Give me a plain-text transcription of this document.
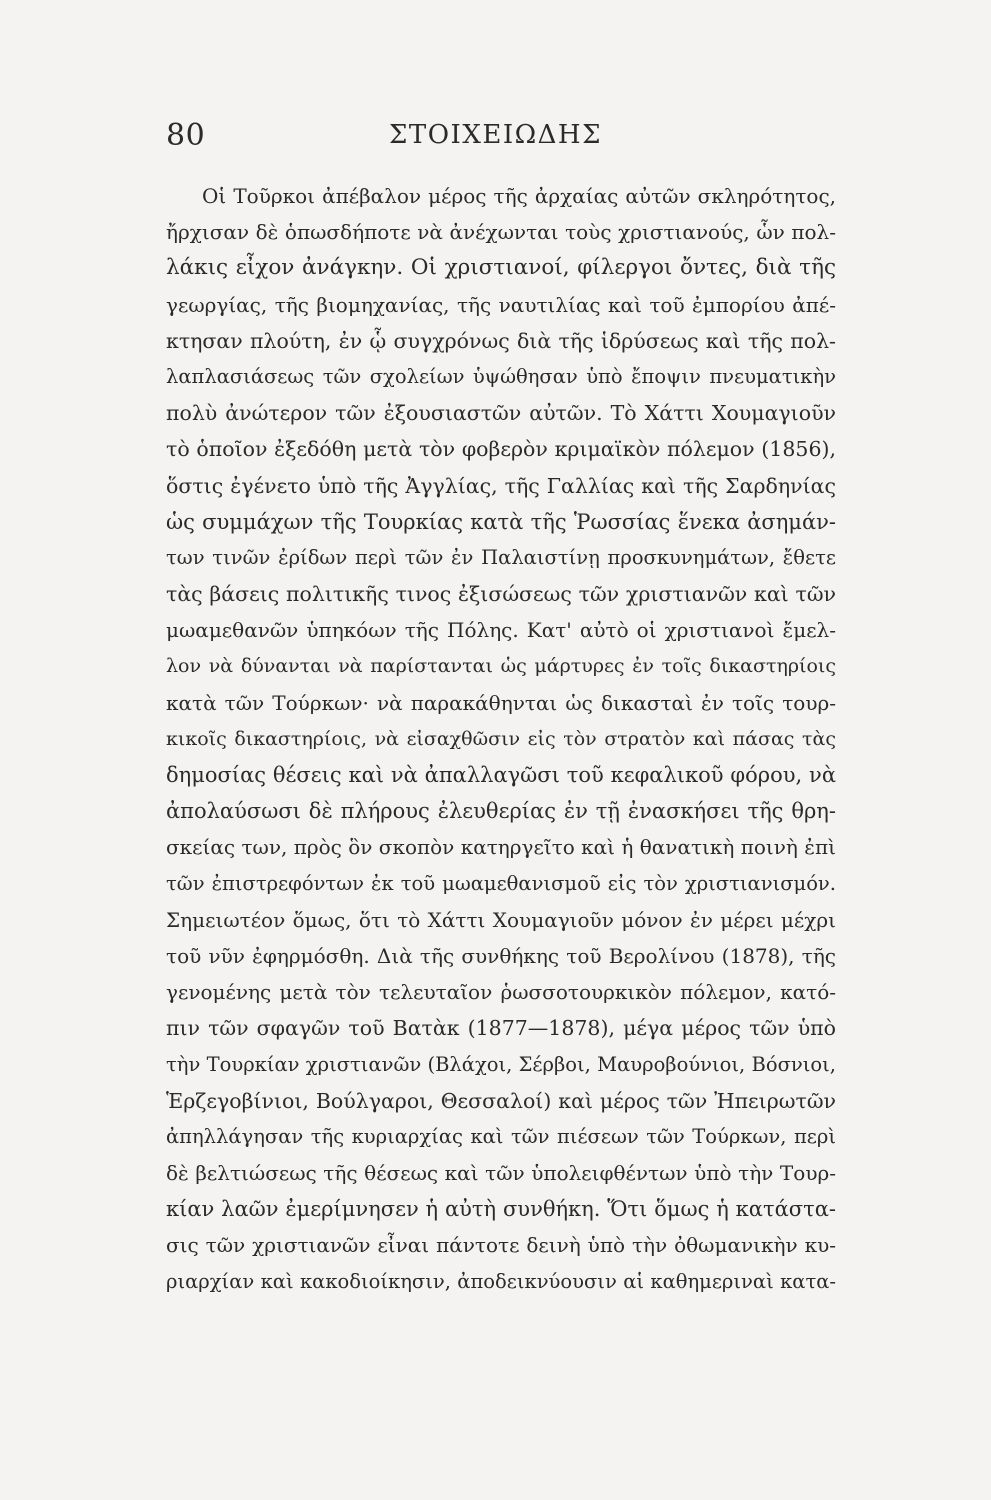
80	ΣΤΟΙΧΕΙΩΔΗΣ
Οἱ Τοῦρκοι ἀπέβαλον μέρος τῆς ἀρχαίας αὐτῶν σκληρότητος,
ἤρχισαν δὲ ὁπωσδήποτε νὰ ἀνέχωνται τοὺς χριστιανούς, ὧν πολ-
λάκις εἶχον ἀνάγκην. Οἱ χριστιανοί, φίλεργοι ὄντες, διὰ τῆς
γεωργίας, τῆς βιομηχανίας, τῆς ναυτιλίας καὶ τοῦ ἐμπορίου ἀπέ-
κτησαν πλούτη, ἐν ᾧ συγχρόνως διὰ τῆς ἱδρύσεως καὶ τῆς πολ-
λαπλασιάσεως τῶν σχολείων ὑψώθησαν ὑπὸ ἔποψιν πνευματικὴν
πολὺ ἀνώτερον τῶν ἐξουσιαστῶν αὐτῶν. Τὸ Χάττι Χουμαγιοῦν
τὸ ὁποῖον ἐξεδόθη μετὰ τὸν φοβερὸν κριμαϊκὸν πόλεμον (1856),
ὅστις ἐγένετο ὑπὸ τῆς Ἀγγλίας, τῆς Γαλλίας καὶ τῆς Σαρδηνίας
ὡς συμμάχων τῆς Τουρκίας κατὰ τῆς Ῥωσσίας ἕνεκα ἀσημάν-
των τινῶν ἐρίδων περὶ τῶν ἐν Παλαιστίνῃ προσκυνημάτων, ἔθετε
τὰς βάσεις πολιτικῆς τινος ἐξισώσεως τῶν χριστιανῶν καὶ τῶν
μωαμεθανῶν ὑπηκόων τῆς Πόλης. Κατ' αὐτὸ οἱ χριστιανοὶ ἔμελ-
λον νὰ δύνανται νὰ παρίστανται ὡς μάρτυρες ἐν τοῖς δικαστηρίοις
κατὰ τῶν Τούρκων· νὰ παρακάθηνται ὡς δικασταὶ ἐν τοῖς τουρ-
κικοῖς δικαστηρίοις, νὰ εἰσαχθῶσιν εἰς τὸν στρατὸν καὶ πάσας τὰς
δημοσίας θέσεις καὶ νὰ ἀπαλλαγῶσι τοῦ κεφαλικοῦ φόρου, νὰ
ἀπολαύσωσι δὲ πλήρους ἐλευθερίας ἐν τῇ ἐνασκήσει τῆς θρη-
σκείας των, πρὸς ὃν σκοπὸν κατηργεῖτο καὶ ἡ θανατικὴ ποινὴ ἐπὶ
τῶν ἐπιστρεφόντων ἐκ τοῦ μωαμεθανισμοῦ εἰς τὸν χριστιανισμόν.
Σημειωτέον ὅμως, ὅτι τὸ Χάττι Χουμαγιοῦν μόνον ἐν μέρει μέχρι
τοῦ νῦν ἐφηρμόσθη. Διὰ τῆς συνθήκης τοῦ Βερολίνου (1878), τῆς
γενομένης μετὰ τὸν τελευταῖον ῥωσσοτουρκικὸν πόλεμον, κατό-
πιν τῶν σφαγῶν τοῦ Βατὰκ (1877—1878), μέγα μέρος τῶν ὑπὸ
τὴν Τουρκίαν χριστιανῶν (Βλάχοι, Σέρβοι, Μαυροβούνιοι, Βόσνιοι,
Ἑρζεγοβίνιοι, Βούλγαροι, Θεσσαλοί) καὶ μέρος τῶν Ἠπειρωτῶν
ἀπηλλάγησαν τῆς κυριαρχίας καὶ τῶν πιέσεων τῶν Τούρκων, περὶ
δὲ βελτιώσεως τῆς θέσεως καὶ τῶν ὑπολειφθέντων ὑπὸ τὴν Τουρ-
κίαν λαῶν ἐμερίμνησεν ἡ αὐτὴ συνθήκη. Ὅτι ὅμως ἡ κατάστα-
σις τῶν χριστιανῶν εἶναι πάντοτε δεινὴ ὑπὸ τὴν ὀθωμανικὴν κυ-
ριαρχίαν καὶ κακοδιοίκησιν, ἀποδεικνύουσιν αἱ καθημεριναὶ κατα-
